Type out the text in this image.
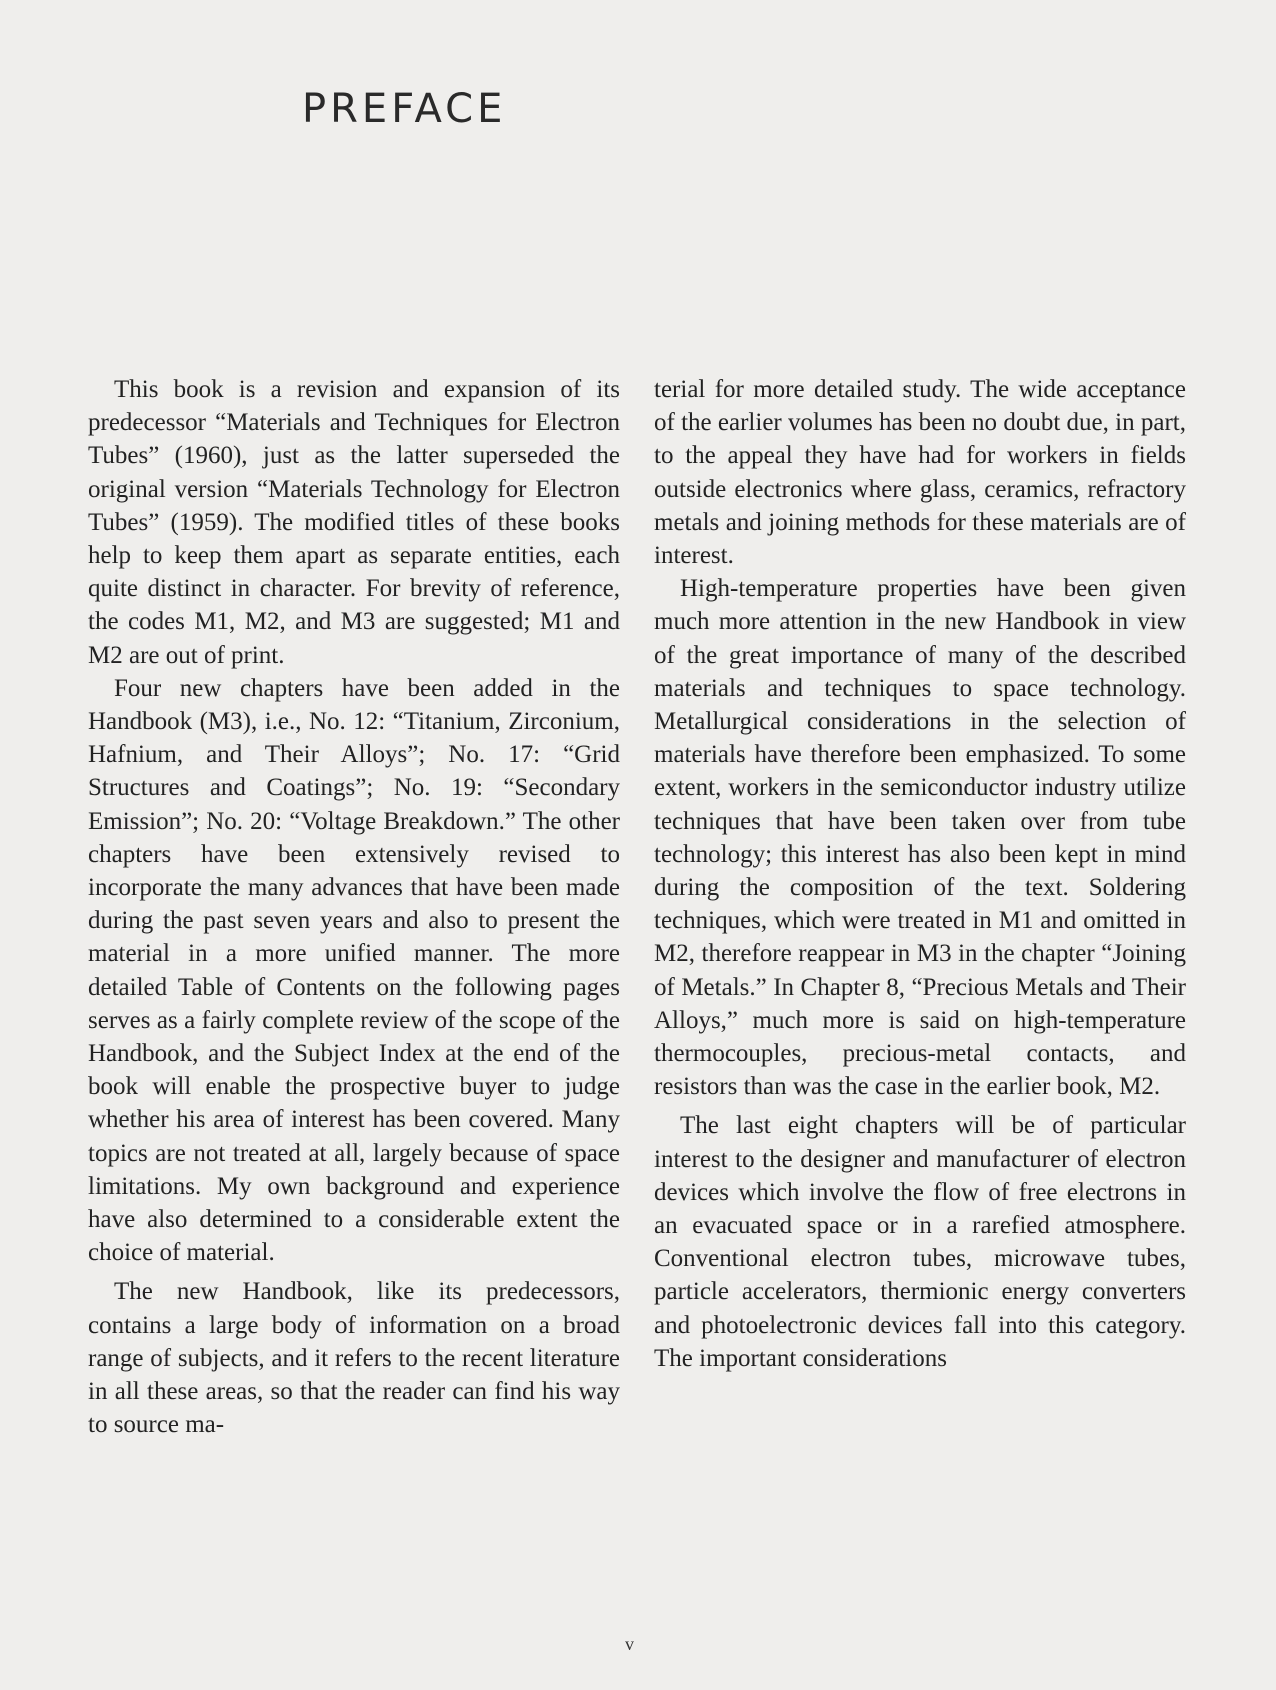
PREFACE

This book is a revision and expansion of its predecessor “Materials and Techniques for Electron Tubes” (1960), just as the latter superseded the original version “Materials Technology for Electron Tubes” (1959). The modified titles of these books help to keep them apart as separate entities, each quite distinct in character. For brevity of reference, the codes M1, M2, and M3 are suggested; M1 and M2 are out of print.

Four new chapters have been added in the Handbook (M3), i.e., No. 12: “Titanium, Zirconium, Hafnium, and Their Alloys”; No. 17: “Grid Structures and Coatings”; No. 19: “Secondary Emission”; No. 20: “Voltage Breakdown.” The other chapters have been extensively revised to incorporate the many advances that have been made during the past seven years and also to present the material in a more unified manner. The more detailed Table of Contents on the following pages serves as a fairly complete review of the scope of the Handbook, and the Subject Index at the end of the book will enable the prospective buyer to judge whether his area of interest has been covered. Many topics are not treated at all, largely because of space limitations. My own background and experience have also determined to a considerable extent the choice of material.

The new Handbook, like its predecessors, contains a large body of information on a broad range of subjects, and it refers to the recent literature in all these areas, so that the reader can find his way to source ma-

terial for more detailed study. The wide acceptance of the earlier volumes has been no doubt due, in part, to the appeal they have had for workers in fields outside electronics where glass, ceramics, refractory metals and joining methods for these materials are of interest.

High-temperature properties have been given much more attention in the new Handbook in view of the great importance of many of the described materials and techniques to space technology. Metallurgical considerations in the selection of materials have therefore been emphasized. To some extent, workers in the semiconductor industry utilize techniques that have been taken over from tube technology; this interest has also been kept in mind during the composition of the text. Soldering techniques, which were treated in M1 and omitted in M2, therefore reappear in M3 in the chapter “Joining of Metals.” In Chapter 8, “Precious Metals and Their Alloys,” much more is said on high-temperature thermocouples, precious-metal contacts, and resistors than was the case in the earlier book, M2.

The last eight chapters will be of particular interest to the designer and manufacturer of electron devices which involve the flow of free electrons in an evacuated space or in a rarefied atmosphere. Conventional electron tubes, microwave tubes, particle accelerators, thermionic energy converters and photoelectronic devices fall into this category. The important considerations

v
